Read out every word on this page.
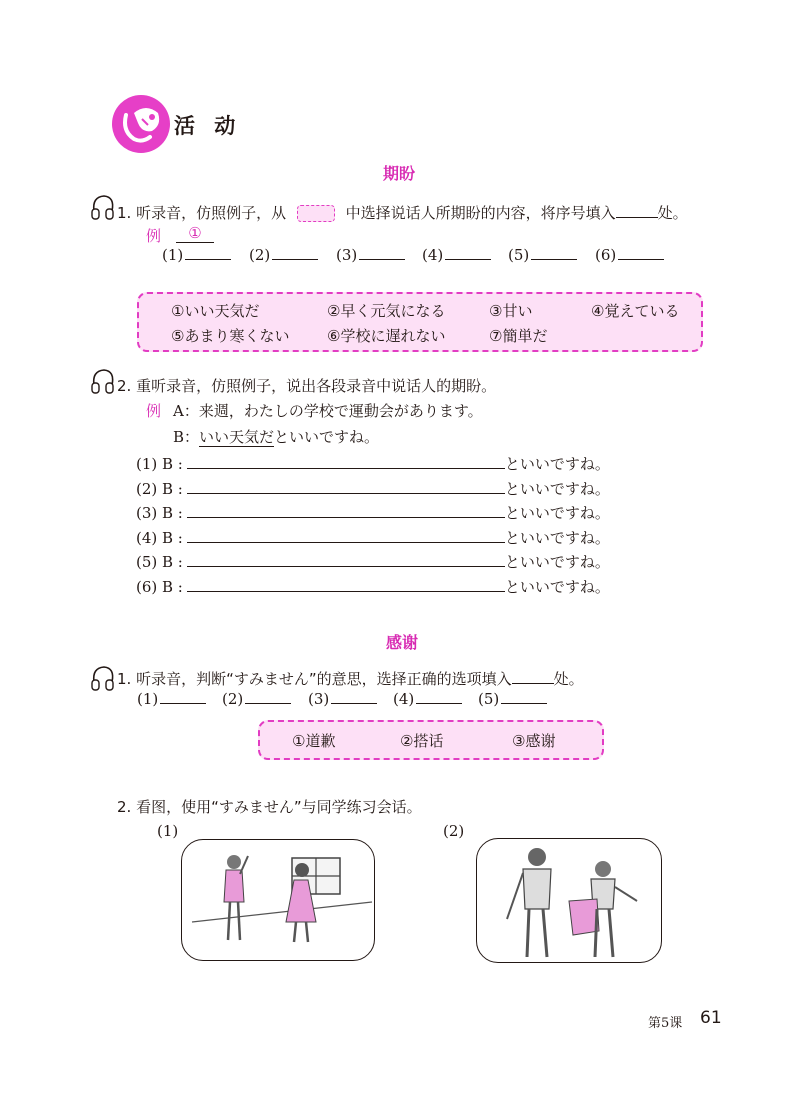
活 动
期盼
1. 听录音，仿照例子，从	中选择说话人所期盼的内容，将序号填入	处。
例	①
(1)	(2)	(3)	(4)	(5)	(6)
①いい天気だ	②早く元気になる	③甘い	④覚えている
⑤あまり寒くない	⑥学校に遅れない	⑦簡単だ
2. 重听录音，仿照例子，说出各段录音中说话人的期盼。
例 A：来週，わたしの学校で運動会があります。
B：いい天気だといいですね。
(1) B :	といいですね。
(2) B :	といいですね。
(3) B :	といいですね。
(4) B :	といいですね。
(5) B :	といいですね。
(6) B :	といいですね。
感谢
1. 听录音，判断“すみません”的意思，选择正确的选项填入	处。
(1)	(2)	(3)	(4)	(5)
①道歉	②搭话	③感谢
2. 看图，使用“すみません”与同学练习会话。
(1)	(2)
第5课 61
